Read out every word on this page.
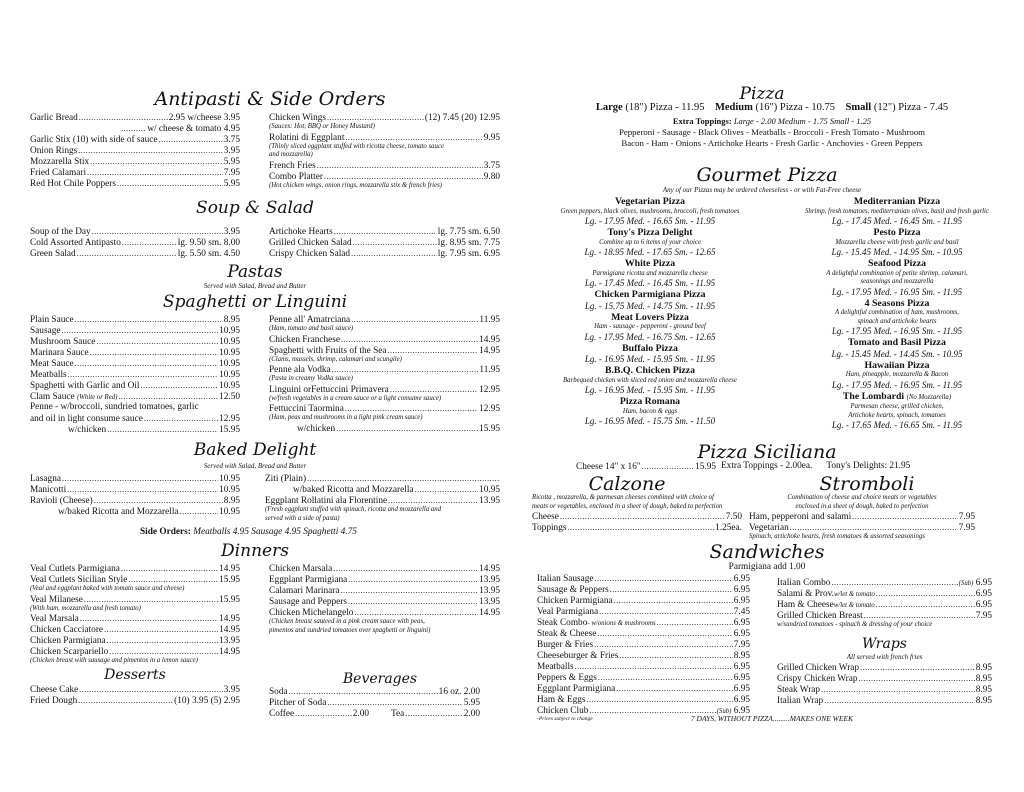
Antipasti & Side Orders
Garlic Bread .....	2.95 w/cheese 3.95
.....
w/ cheese & tomato 4.95
Garlic Stix (10) with side of sauce .....	3.75
Onion Rings .....	3.95
Mozzarella Stix .....	5.95
Fried Calamari .....	7.95
Red Hot Chile Poppers .....	5.95
Chicken Wings .....	(12) 7.45 (20) 12.95
(Sauces: Hot, BBQ or Honey Mustard)
Rolatini di Eggplant .....	9.95
(Thinly sliced eggplant stuffed with ricotta cheese, tomato sauce
and mozzarella)
French Fries .....	3.75
Combo Platter .....	9.80
(Hot chicken wings, onion rings, mozzarella stix & french fries)
Soup & Salad
Soup of the Day .....	3.95
Cold Assorted Antipasto .....	lg. 9.50 sm. 8.00
Green Salad .....	lg. 5.50 sm. 4.50
Artichoke Hearts .....	lg. 7.75 sm. 6.50
Grilled Chicken Salad .....	lg. 8.95 sm. 7.75
Crispy Chicken Salad .....	lg. 7.95 sm. 6.95
Pastas
Served with Salad, Bread and Butter
Spaghetti or Linguini
Plain Sauce .....	8.95
Sausage .....	10.95
Mushroom Sauce .....	10.95
Marinara Sauce .....	10.95
Meat Sauce .....	10.95
Meatballs .....	10.95
Spaghetti with Garlic and Oil .....	10.95
Clam Sauce
(White or Red) .....	12.50
Penne - w/broccoli, sundried tomatoes, garlic
and oil in light consume sauce .....	12.95
w/chicken .....	15.95
Penne all' Amatrciana .....	11.95
(Ham, tomato and basil sauce)
Chicken Franchese .....	14.95
Spaghetti with Fruits of the Sea .....	14.95
(Clams, mussels, shrimp, calamari and scungile)
Penne ala Vodka .....	11.95
(Pasta in creamy Vodka sauce)
Linguini orFettuccini Primavera .....	12.95
(w/fresh vegetables in a cream sauce or a light consume sauce)
Fettuccini Taormina .....	12.95
(Ham, peas and mushrooms in a light pink cream sauce)
w/chicken .....	15.95
Baked Delight
Served with Salad, Bread and Butter
Lasagna .....	10.95
Manicotti .....	10.95
Ravioli (Cheese) .....	8.95
w/baked Ricotta and Mozzarella .....	10.95
Ziti (Plain)
.....
w/baked Ricotta and Mozzarella .....	10.95
Eggplant Rollatini ala Florentine .....	13.95
(Fresh eggplant stuffed with spinach, ricotta and mozzarella and
served with a side of pasta)
Side Orders: Meatballs 4.95 Sausage 4.95 Spaghetti 4.75
Dinners
Veal Cutlets Parmigiana .....	14.95
Veal Cutlets Sicilian Style .....	15.95
(Veal and eggplant baked with tomato sauce and cheese)
Veal Milanese .....	15.95
(With ham, mozzarella and fresh tomato)
Veal Marsala .....	14.95
Chicken Cacciatore .....	14.95
Chicken Parmigiana .....	13.95
Chicken Scarpariello .....	14.95
(Chicken breast with sausage and pimentos in a lemon sauce)
Chicken Marsala .....	14.95
Eggplant Parmigiana .....	13.95
Calamari Marinara .....	13.95
Sausage and Peppers .....	13.95
Chicken Michelangelo .....	14.95
(Chicken breast sauteed in a pink cream sauce with peas,
pimentos and sundried tomatoes over spaghetti or linguini)
Desserts
Cheese Cake .....	3.95
Fried Dough .....	(10) 3.95 (5) 2.95
Beverages
Soda .....	16 oz. 2.00
Pitcher of Soda .....	5.95
Coffee .....	2.00 Tea .....	2.00
Pizza
Large (18") Pizza - 11.95 Medium (16") Pizza - 10.75 Small (12") Pizza - 7.45
Extra Toppings: Large - 2.00 Medium - 1.75 Small - 1.25
Pepperoni - Sausage - Black Olives - Meatballs - Broccoli - Fresh Tomato - Mushroom
Bacon - Ham - Onions - Artichoke Hearts - Fresh Garlic - Anchovies - Green Peppers
Gourmet Pizza
Any of our Pizzas may be ordered cheeseless - or with Fat-Free cheese
Vegetarian Pizza
Green peppers, black olives, mushrooms, broccoli, fresh tomatoes
Lg. - 17.95 Med. - 16.65 Sm. - 11.95
Tony's Pizza Delight
Combine up to 6 items of your choice
Lg. - 18.95 Med. - 17.65 Sm. - 12.65
White Pizza
Parmigiana ricotta and mozzarella cheese
Lg. - 17.45 Med. - 16.45 Sm. - 11.95
Chicken Parmigiana Pizza
Lg. - 15.75 Med. - 14.75 Sm. - 11.95
Meat Lovers Pizza
Ham - sausage - pepperoni - ground beef
Lg. - 17.95 Med. - 16.75 Sm. - 12.65
Buffalo Pizza
Lg. - 16.95 Med. - 15.95 Sm. - 11.95
B.B.Q. Chicken Pizza
Barbequed chicken with sliced red onion and mozzarella cheese
Lg. - 16.95 Med. - 15.95 Sm. - 11.95
Pizza Romana
Ham, bacon & eggs
Lg. - 16.95 Med. - 15.75 Sm. - 11.50
Mediterranian Pizza
Shrimp, fresh tomatoes, mediterranian olives, basil and fresh garlic
Lg. - 17.45 Med. - 16.45 Sm. - 11.95
Pesto Pizza
Mozzarella cheese with fresh garlic and basil
Lg. - 15.45 Med. - 14.95 Sm. - 10.95
Seafood Pizza
A delightful combination of petite shrimp, calamari,
seasonings and mozzarella
Lg. - 17.95 Med. - 16.95 Sm. - 11.95
4 Seasons Pizza
A delightful combination of ham, mushrooms,
spinach and artichoke hearts
Lg. - 17.95 Med. - 16.95 Sm. - 11.95
Tomato and Basil Pizza
Lg. - 15.45 Med. - 14.45 Sm. - 10.95
Hawaiian Pizza
Ham, pineapple, mozzarella & Bacon
Lg. - 17.95 Med. - 16.95 Sm. - 11.95
The Lombardi (No Mozzarella)
Parmesan cheese, grilled chicken,
Artichoke hearts, spinach, tomatoes
Lg. - 17.65 Med. - 16.65 Sm. - 11.95
Pizza Siciliana
Cheese 14" x 16" .....	15.95 Extra Toppings - 2.00ea. Tony's Delights: 21.95
Calzone
Ricotta , mozzarella, & parmesan cheeses combined with choice of
meats or vegetables, enclosed in a sheet of dough, baked to perfection
Cheese .....	7.50
Toppings .....	1.25ea.
Stromboli
Combination of cheese and choice meats or vegetables
enclosed in a sheet of dough, baked to perfection
Ham, pepperoni and salami .....	7.95
Vegetarian .....	7.95
Spinach, artichoke hearts, fresh tomatoes & assorted seasonings
Sandwiches
Parmigiana add 1.00
Italian Sausage .....	6.95
Sausage & Peppers .....	6.95
Chicken Parmigiana .....	6.95
Veal Parmigiana .....	7.45
Steak Combo - w/onions & mushrooms .....	6.95
Steak & Cheese .....	6.95
Burger & Fries .....	7.95
Cheeseburger & Fries .....	8.95
Meatballs .....	6.95
Peppers & Eggs .....	6.95
Eggplant Parmigiana .....	6.95
Ham & Eggs .....	6.95
Chicken Club .....	(Sub)
6.95
Italian Combo .....	(Sub)
6.95
Salami & Prov. w/let & tomato .....	6.95
Ham & Cheese w/let & tomato .....	6.95
Grilled Chicken Breast .....	7.95
w/sundried tomatoes - spinach & dressing of your choice
Wraps
All served with french fries
Grilled Chicken Wrap .....	8.95
Crispy Chicken Wrap .....	8.95
Steak Wrap .....	8.95
Italian Wrap .....	8.95
-Prices subject to change	7 DAYS, WITHOUT PIZZA.........MAKES ONE WEEK
